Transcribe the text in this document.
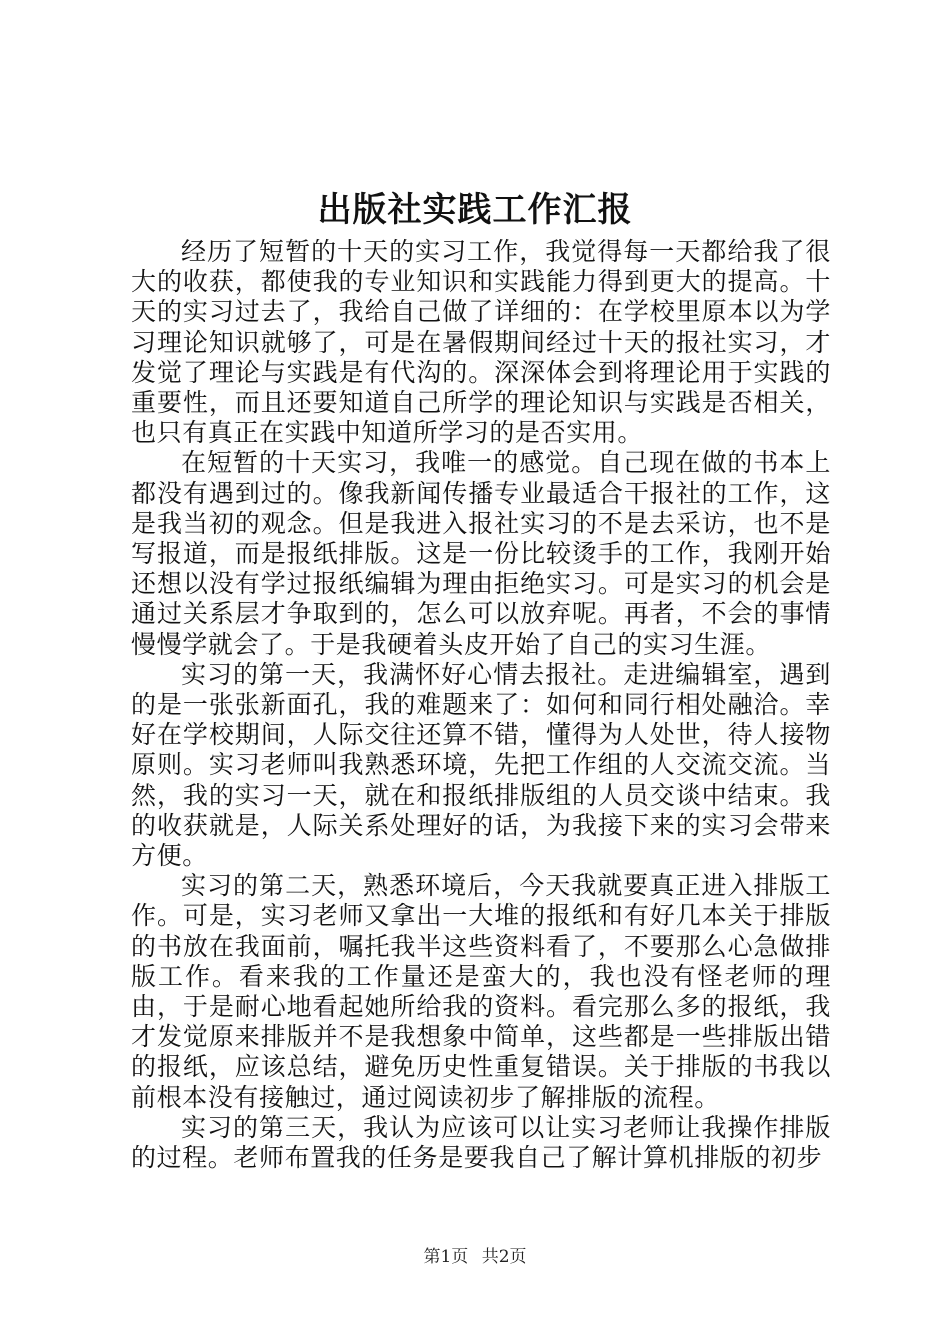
出版社实践工作汇报

经历了短暂的十天的实习工作，我觉得每一天都给我了很大的收获，都使我的专业知识和实践能力得到更大的提高。十天的实习过去了，我给自己做了详细的：在学校里原本以为学习理论知识就够了，可是在暑假期间经过十天的报社实习，才发觉了理论与实践是有代沟的。深深体会到将理论用于实践的重要性，而且还要知道自己所学的理论知识与实践是否相关，也只有真正在实践中知道所学习的是否实用。

在短暂的十天实习，我唯一的感觉。自己现在做的书本上都没有遇到过的。像我新闻传播专业最适合干报社的工作，这是我当初的观念。但是我进入报社实习的不是去采访，也不是写报道，而是报纸排版。这是一份比较烫手的工作，我刚开始还想以没有学过报纸编辑为理由拒绝实习。可是实习的机会是通过关系层才争取到的，怎么可以放弃呢。再者，不会的事情慢慢学就会了。于是我硬着头皮开始了自己的实习生涯。

实习的第一天，我满怀好心情去报社。走进编辑室，遇到的是一张张新面孔，我的难题来了：如何和同行相处融洽。幸好在学校期间，人际交往还算不错，懂得为人处世，待人接物原则。实习老师叫我熟悉环境，先把工作组的人交流交流。当然，我的实习一天，就在和报纸排版组的人员交谈中结束。我的收获就是，人际关系处理好的话，为我接下来的实习会带来方便。

实习的第二天，熟悉环境后，今天我就要真正进入排版工作。可是，实习老师又拿出一大堆的报纸和有好几本关于排版的书放在我面前，嘱托我半这些资料看了，不要那么心急做排版工作。看来我的工作量还是蛮大的，我也没有怪老师的理由，于是耐心地看起她所给我的资料。看完那么多的报纸，我才发觉原来排版并不是我想象中简单，这些都是一些排版出错的报纸，应该总结，避免历史性重复错误。关于排版的书我以前根本没有接触过，通过阅读初步了解排版的流程。

实习的第三天，我认为应该可以让实习老师让我操作排版的过程。老师布置我的任务是要我自己了解计算机排版的初步

第1页 共2页
